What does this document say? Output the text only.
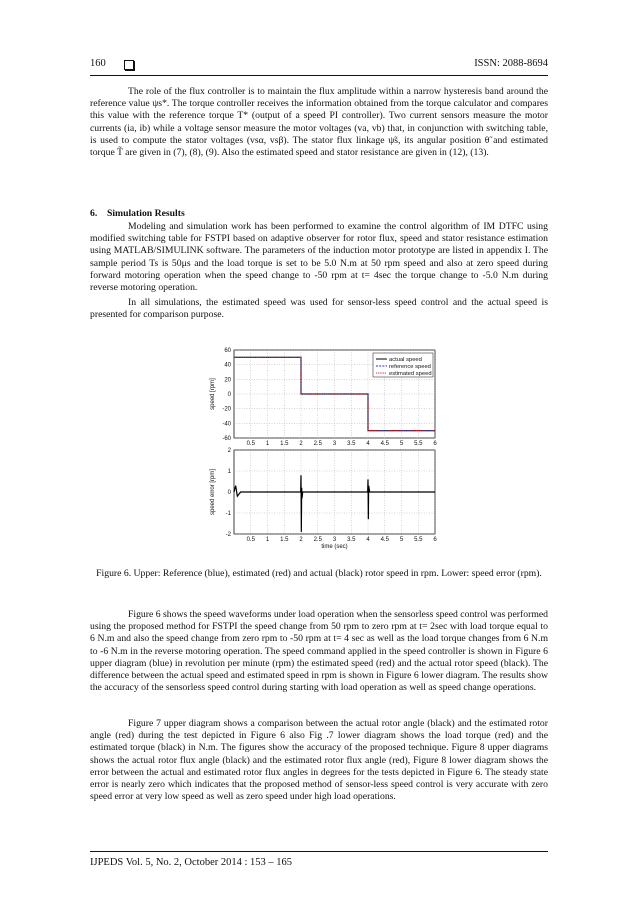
160	ISSN: 2088-8694

The role of the flux controller is to maintain the flux amplitude within a narrow hysteresis band around the reference value ψs*. The torque controller receives the information obtained from the torque calculator and compares this value with the reference torque T* (output of a speed PI controller). Two current sensors measure the motor currents (ia, ib) while a voltage sensor measure the motor voltages (va, vb) that, in conjunction with switching table, is used to compute the stator voltages (vsα, vsβ). The stator flux linkage ψ̃s, its angular position θ̃ and estimated torque T̃ are given in (7), (8), (9). Also the estimated speed and stator resistance are given in (12), (13).

6. Simulation Results

Modeling and simulation work has been performed to examine the control algorithm of IM DTFC using modified switching table for FSTPI based on adaptive observer for rotor flux, speed and stator resistance estimation using MATLAB/SIMULINK software. The parameters of the induction motor prototype are listed in appendix I. The sample period Ts is 50μs and the load torque is set to be 5.0 N.m at 50 rpm speed and also at zero speed during forward motoring operation when the speed change to -50 rpm at t= 4sec the torque change to -5.0 N.m during reverse motoring operation.

In all simulations, the estimated speed was used for sensor-less speed control and the actual speed is presented for comparison purpose.

0.5 1 1.5 2 2.5 3 3.5 4 4.5 5 5.5 6
60
40
20
0
-20
-40
-60
speed [rpm]
actual speed
reference speed
estimated speed
0.5 1 1.5 2 2.5 3 3.5 4 4.5 5 5.5 6
2
1
0
-1
-2
speed error [rpm]
time (sec)
Figure 6. Upper: Reference (blue), estimated (red) and actual (black) rotor speed in rpm. Lower: speed error (rpm).

Figure 6 shows the speed waveforms under load operation when the sensorless speed control was performed using the proposed method for FSTPI the speed change from 50 rpm to zero rpm at t= 2sec with load torque equal to 6 N.m and also the speed change from zero rpm to -50 rpm at t= 4 sec as well as the load torque changes from 6 N.m to -6 N.m in the reverse motoring operation. The speed command applied in the speed controller is shown in Figure 6 upper diagram (blue) in revolution per minute (rpm) the estimated speed (red) and the actual rotor speed (black). The difference between the actual speed and estimated speed in rpm is shown in Figure 6 lower diagram. The results show the accuracy of the sensorless speed control during starting with load operation as well as speed change operations.

Figure 7 upper diagram shows a comparison between the actual rotor angle (black) and the estimated rotor angle (red) during the test depicted in Figure 6 also Fig .7 lower diagram shows the load torque (red) and the estimated torque (black) in N.m. The figures show the accuracy of the proposed technique. Figure 8 upper diagrams shows the actual rotor flux angle (black) and the estimated rotor flux angle (red), Figure 8 lower diagram shows the error between the actual and estimated rotor flux angles in degrees for the tests depicted in Figure 6. The steady state error is nearly zero which indicates that the proposed method of sensor-less speed control is very accurate with zero speed error at very low speed as well as zero speed under high load operations.

IJPEDS Vol. 5, No. 2, October 2014 : 153 – 165
